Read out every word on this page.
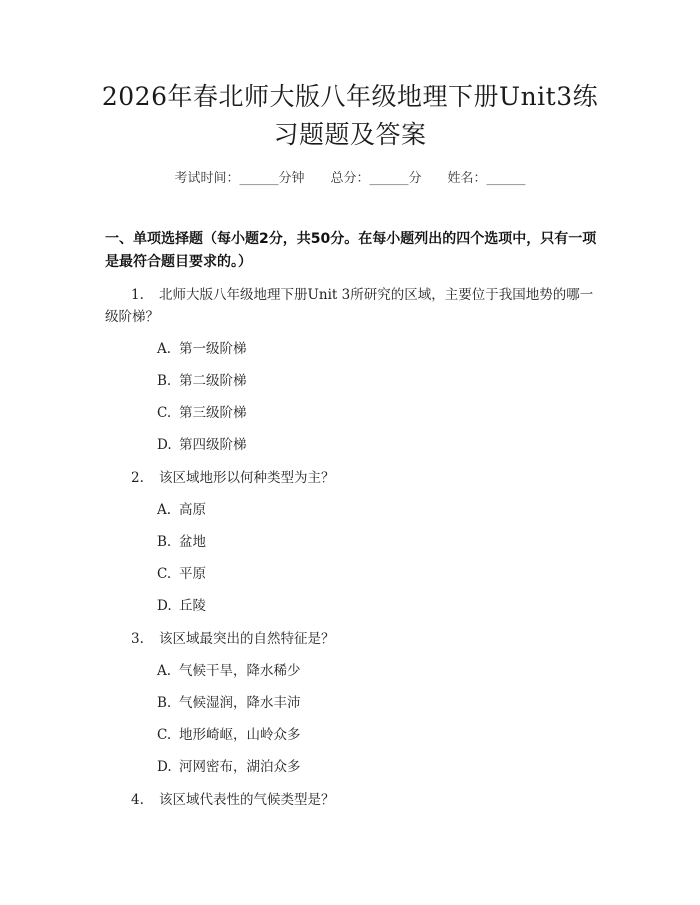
2026年春北师大版八年级地理下册Unit3练习题题及答案
考试时间：______分钟 总分：______分 姓名：______
一、单项选择题（每小题2分，共50分。在每小题列出的四个选项中，只有一项是最符合题目要求的。）

1. 北师大版八年级地理下册Unit 3所研究的区域，主要位于我国地势的哪一级阶梯？

A. 第一级阶梯
B. 第二级阶梯
C. 第三级阶梯
D. 第四级阶梯

2. 该区域地形以何种类型为主？

A. 高原
B. 盆地
C. 平原
D. 丘陵

3. 该区域最突出的自然特征是？

A. 气候干旱，降水稀少
B. 气候湿润，降水丰沛
C. 地形崎岖，山岭众多
D. 河网密布，湖泊众多

4. 该区域代表性的气候类型是？
